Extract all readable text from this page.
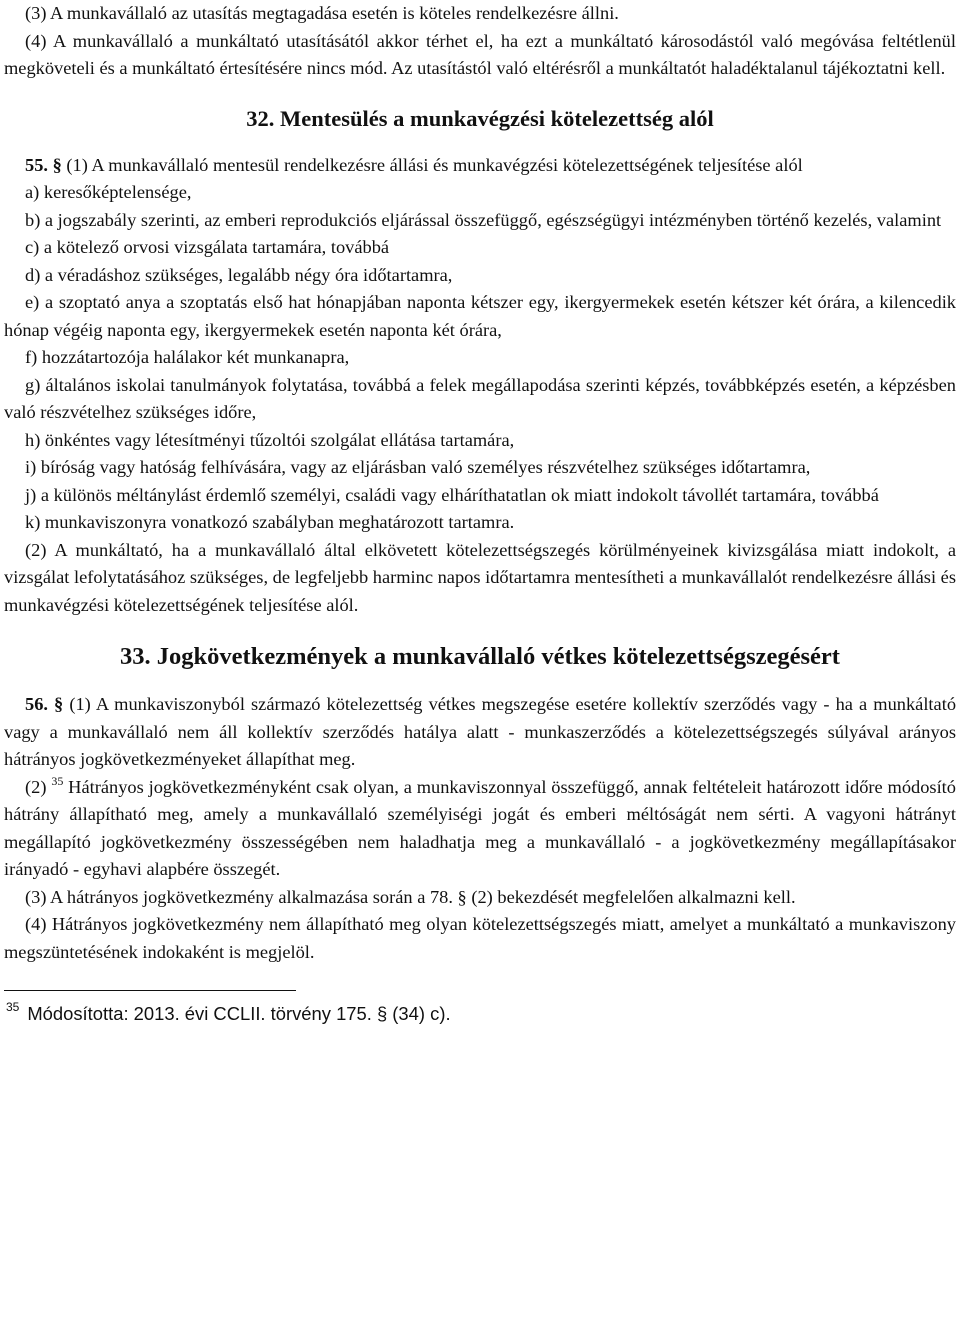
(3) A munkavállaló az utasítás megtagadása esetén is köteles rendelkezésre állni.

(4) A munkavállaló a munkáltató utasításától akkor térhet el, ha ezt a munkáltató károsodástól való megóvása feltétlenül megköveteli és a munkáltató értesítésére nincs mód. Az utasítástól való eltérésről a munkáltatót haladéktalanul tájékoztatni kell.

32. Mentesülés a munkavégzési kötelezettség alól

55. § (1) A munkavállaló mentesül rendelkezésre állási és munkavégzési kötelezettségének teljesítése alól

a) keresőképtelensége,

b) a jogszabály szerinti, az emberi reprodukciós eljárással összefüggő, egészségügyi intézményben történő kezelés, valamint

c) a kötelező orvosi vizsgálata tartamára, továbbá

d) a véradáshoz szükséges, legalább négy óra időtartamra,

e) a szoptató anya a szoptatás első hat hónapjában naponta kétszer egy, ikergyermekek esetén kétszer két órára, a kilencedik hónap végéig naponta egy, ikergyermekek esetén naponta két órára,

f) hozzátartozója halálakor két munkanapra,

g) általános iskolai tanulmányok folytatása, továbbá a felek megállapodása szerinti képzés, továbbképzés esetén, a képzésben való részvételhez szükséges időre,

h) önkéntes vagy létesítményi tűzoltói szolgálat ellátása tartamára,

i) bíróság vagy hatóság felhívására, vagy az eljárásban való személyes részvételhez szükséges időtartamra,

j) a különös méltánylást érdemlő személyi, családi vagy elháríthatatlan ok miatt indokolt távollét tartamára, továbbá

k) munkaviszonyra vonatkozó szabályban meghatározott tartamra.

(2) A munkáltató, ha a munkavállaló által elkövetett kötelezettségszegés körülményeinek kivizsgálása miatt indokolt, a vizsgálat lefolytatásához szükséges, de legfeljebb harminc napos időtartamra mentesítheti a munkavállalót rendelkezésre állási és munkavégzési kötelezettségének teljesítése alól.

33. Jogkövetkezmények a munkavállaló vétkes kötelezettségszegésért

56. § (1) A munkaviszonyból származó kötelezettség vétkes megszegése esetére kollektív szerződés vagy - ha a munkáltató vagy a munkavállaló nem áll kollektív szerződés hatálya alatt - munkaszerződés a kötelezettségszegés súlyával arányos hátrányos jogkövetkezményeket állapíthat meg.

(2) $^{35}$ Hátrányos jogkövetkezményként csak olyan, a munkaviszonnyal összefüggő, annak feltételeit határozott időre módosító hátrány állapítható meg, amely a munkavállaló személyiségi jogát és emberi méltóságát nem sérti. A vagyoni hátrányt megállapító jogkövetkezmény összességében nem haladhatja meg a munkavállaló - a jogkövetkezmény megállapításakor irányadó - egyhavi alapbére összegét.

(3) A hátrányos jogkövetkezmény alkalmazása során a 78. § (2) bekezdését megfelelően alkalmazni kell.

(4) Hátrányos jogkövetkezmény nem állapítható meg olyan kötelezettségszegés miatt, amelyet a munkáltató a munkaviszony megszüntetésének indokaként is megjelöl.

$^{35}$ Módosította: 2013. évi CCLII. törvény 175. § (34) c).
